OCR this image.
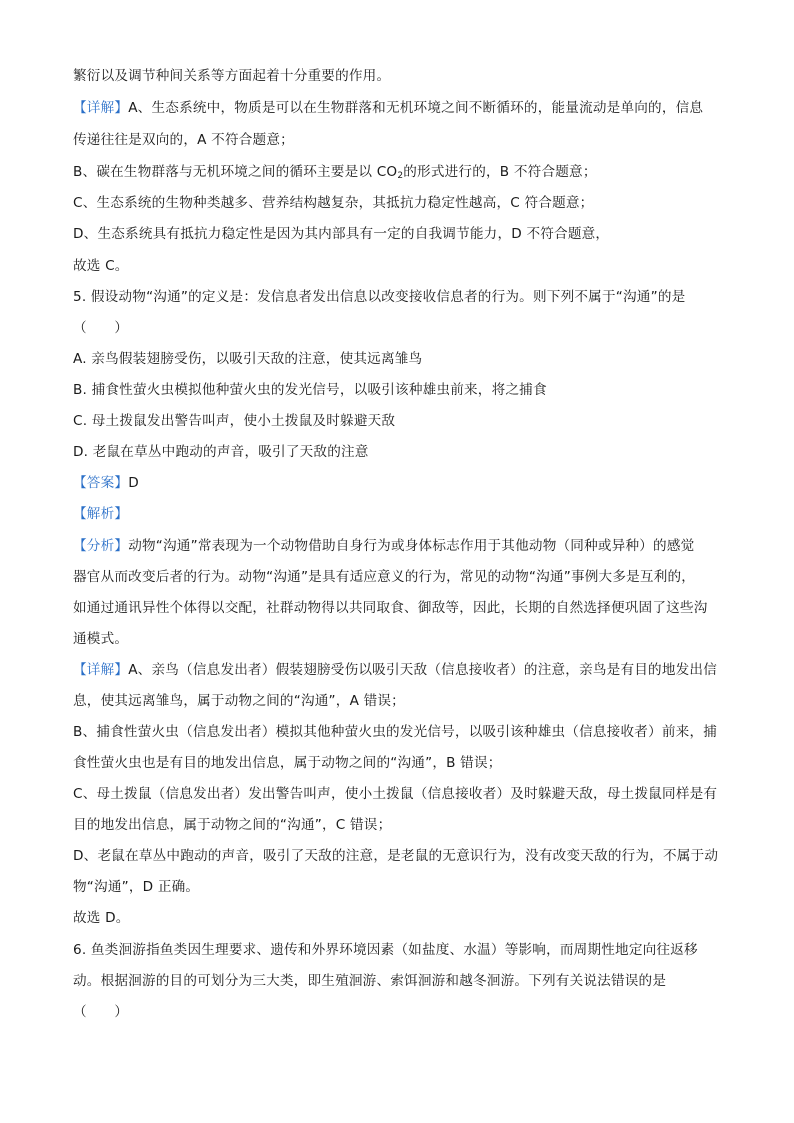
繁衍以及调节种间关系等方面起着十分重要的作用。
【详解】A、生态系统中，物质是可以在生物群落和无机环境之间不断循环的，能量流动是单向的，信息
传递往往是双向的，A 不符合题意；
B、碳在生物群落与无机环境之间的循环主要是以 $CO_2$的形式进行的，B 不符合题意；
C、生态系统的生物种类越多、营养结构越复杂，其抵抗力稳定性越高，C 符合题意；
D、生态系统具有抵抗力稳定性是因为其内部具有一定的自我调节能力，D 不符合题意，
故选 C。
5. 假设动物“沟通”的定义是：发信息者发出信息以改变接收信息者的行为。则下列不属于“沟通”的是
（　　）
A. 亲鸟假装翅膀受伤，以吸引天敌的注意，使其远离雏鸟
B. 捕食性萤火虫模拟他种萤火虫的发光信号，以吸引该种雄虫前来，将之捕食
C. 母土拨鼠发出警告叫声，使小土拨鼠及时躲避天敌
D. 老鼠在草丛中跑动的声音，吸引了天敌的注意
【答案】D
【解析】
【分析】动物“沟通”常表现为一个动物借助自身行为或身体标志作用于其他动物（同种或异种）的感觉
器官从而改变后者的行为。动物“沟通”是具有适应意义的行为，常见的动物“沟通”事例大多是互利的，
如通过通讯异性个体得以交配，社群动物得以共同取食、御敌等，因此，长期的自然选择便巩固了这些沟
通模式。
【详解】A、亲鸟（信息发出者）假装翅膀受伤以吸引天敌（信息接收者）的注意，亲鸟是有目的地发出信
息，使其远离雏鸟，属于动物之间的“沟通”，A 错误；
B、捕食性萤火虫（信息发出者）模拟其他种萤火虫的发光信号，以吸引该种雄虫（信息接收者）前来，捕
食性萤火虫也是有目的地发出信息，属于动物之间的“沟通”，B 错误；
C、母土拨鼠（信息发出者）发出警告叫声，使小土拨鼠（信息接收者）及时躲避天敌，母土拨鼠同样是有
目的地发出信息，属于动物之间的“沟通”，C 错误；
D、老鼠在草丛中跑动的声音，吸引了天敌的注意，是老鼠的无意识行为，没有改变天敌的行为，不属于动
物“沟通”，D 正确。
故选 D。
6. 鱼类洄游指鱼类因生理要求、遗传和外界环境因素（如盐度、水温）等影响，而周期性地定向往返移
动。根据洄游的目的可划分为三大类，即生殖洄游、索饵洄游和越冬洄游。下列有关说法错误的是
（　　）
